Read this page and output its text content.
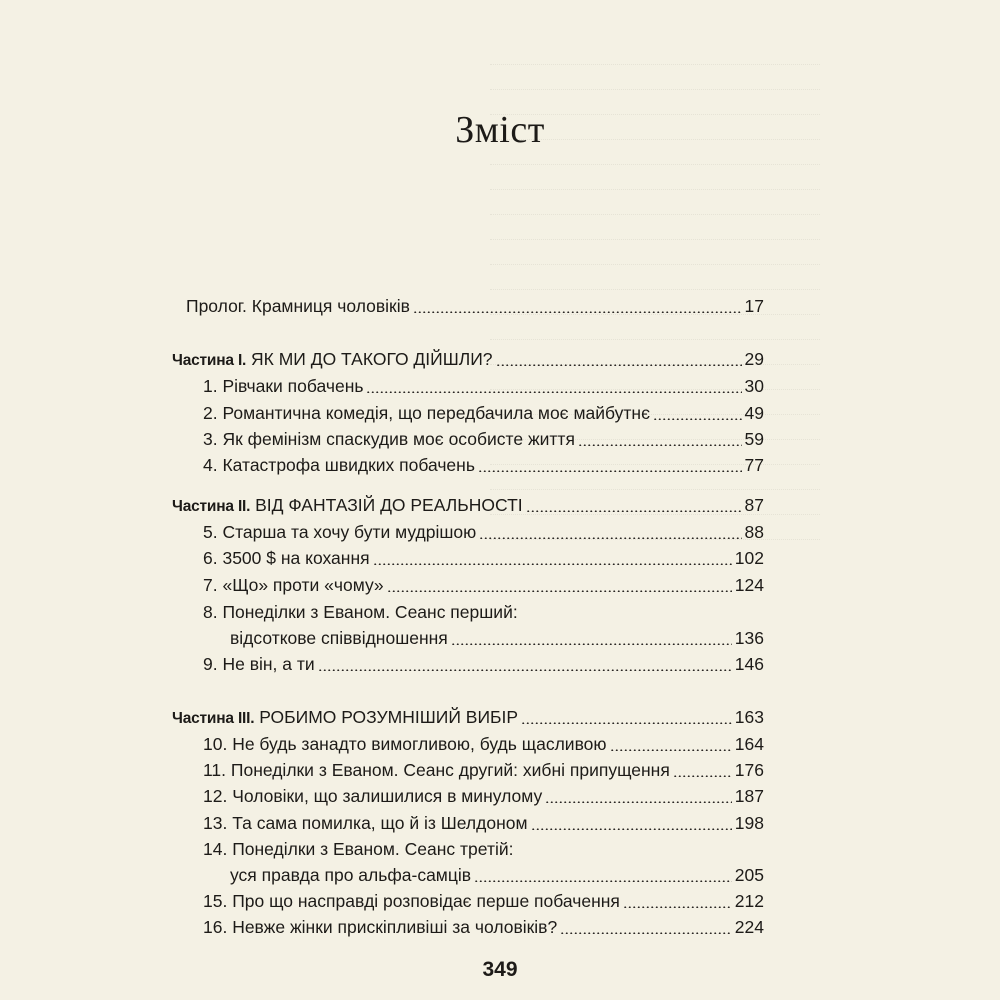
Зміст
Пролог. Крамниця чоловіків	17
Частина I. ЯК МИ ДО ТАКОГО ДІЙШЛИ?	29
1. Рівчаки побачень	30
2. Романтична комедія, що передбачила моє майбутнє	49
3. Як фемінізм спаскудив моє особисте життя	59
4. Катастрофа швидких побачень	77
Частина II. ВІД ФАНТАЗІЙ ДО РЕАЛЬНОСТІ	87
5. Старша та хочу бути мудрішою	88
6. 3500 $ на кохання	102
7. «Що» проти «чому»	124
8. Понеділки з Еваном. Сеанс перший:
відсоткове співвідношення	136
9. Не він, а ти	146
Частина III. РОБИМО РОЗУМНІШИЙ ВИБІР	163
10. Не будь занадто вимогливою, будь щасливою	164
11. Понеділки з Еваном. Сеанс другий: хибні припущення	176
12. Чоловіки, що залишилися в минулому	187
13. Та сама помилка, що й із Шелдоном	198
14. Понеділки з Еваном. Сеанс третій:
уся правда про альфа-самців	205
15. Про що насправді розповідає перше побачення	212
16. Невже жінки прискіпливіші за чоловіків?	224
349
